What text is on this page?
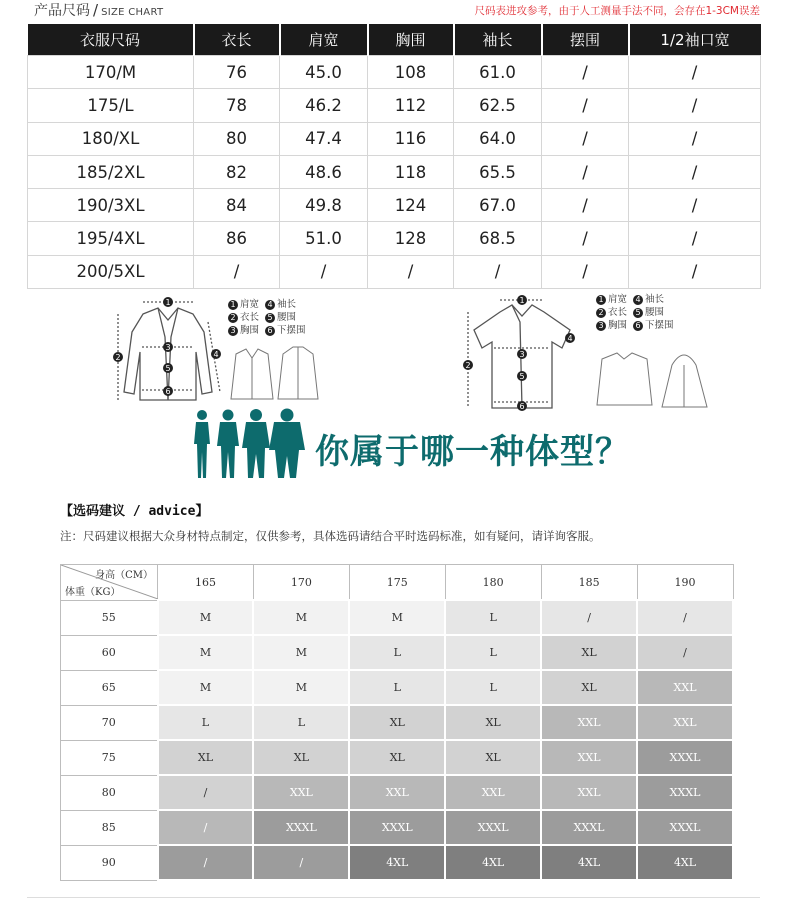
产品尺码 / SIZE CHART	尺码表进攻参考，由于人工测量手法不同，会存在1-3CM误差
衣服尺码	衣长	肩宽	胸围	袖长	摆围	1/2袖口宽
170/M	76	45.0	108	61.0	/	/
175/L	78	46.2	112	62.5	/	/
180/XL	80	47.4	116	64.0	/	/
185/2XL	82	48.6	118	65.5	/	/
190/3XL	84	49.8	124	67.0	/	/
195/4XL	86	51.0	128	68.5	/	/
200/5XL	/	/	/	/	/	/
1
2
3
4
5
6
1 肩宽 4 袖长
2 衣长 5 腰围
3 胸围 6 下摆围
1
2
3
4
5
6
1 肩宽 4 袖长
2 衣长 5 腰围
3 胸围 6 下摆围
你属于哪一种体型？
【选码建议 / advice】
注：尺码建议根据大众身材特点制定，仅供参考，具体选码请结合平时选码标准，如有疑问，请详询客服。
身高（CM）
体重（KG）	165	170	175	180	185	190
55	M	M	M	L	/	/
60	M	M	L	L	XL	/
65	M	M	L	L	XL	XXL
70	L	L	XL	XL	XXL	XXL
75	XL	XL	XL	XL	XXL	XXXL
80	/	XXL	XXL	XXL	XXL	XXXL
85	/	XXXL	XXXL	XXXL	XXXL	XXXL
90	/	/	4XL	4XL	4XL	4XL
